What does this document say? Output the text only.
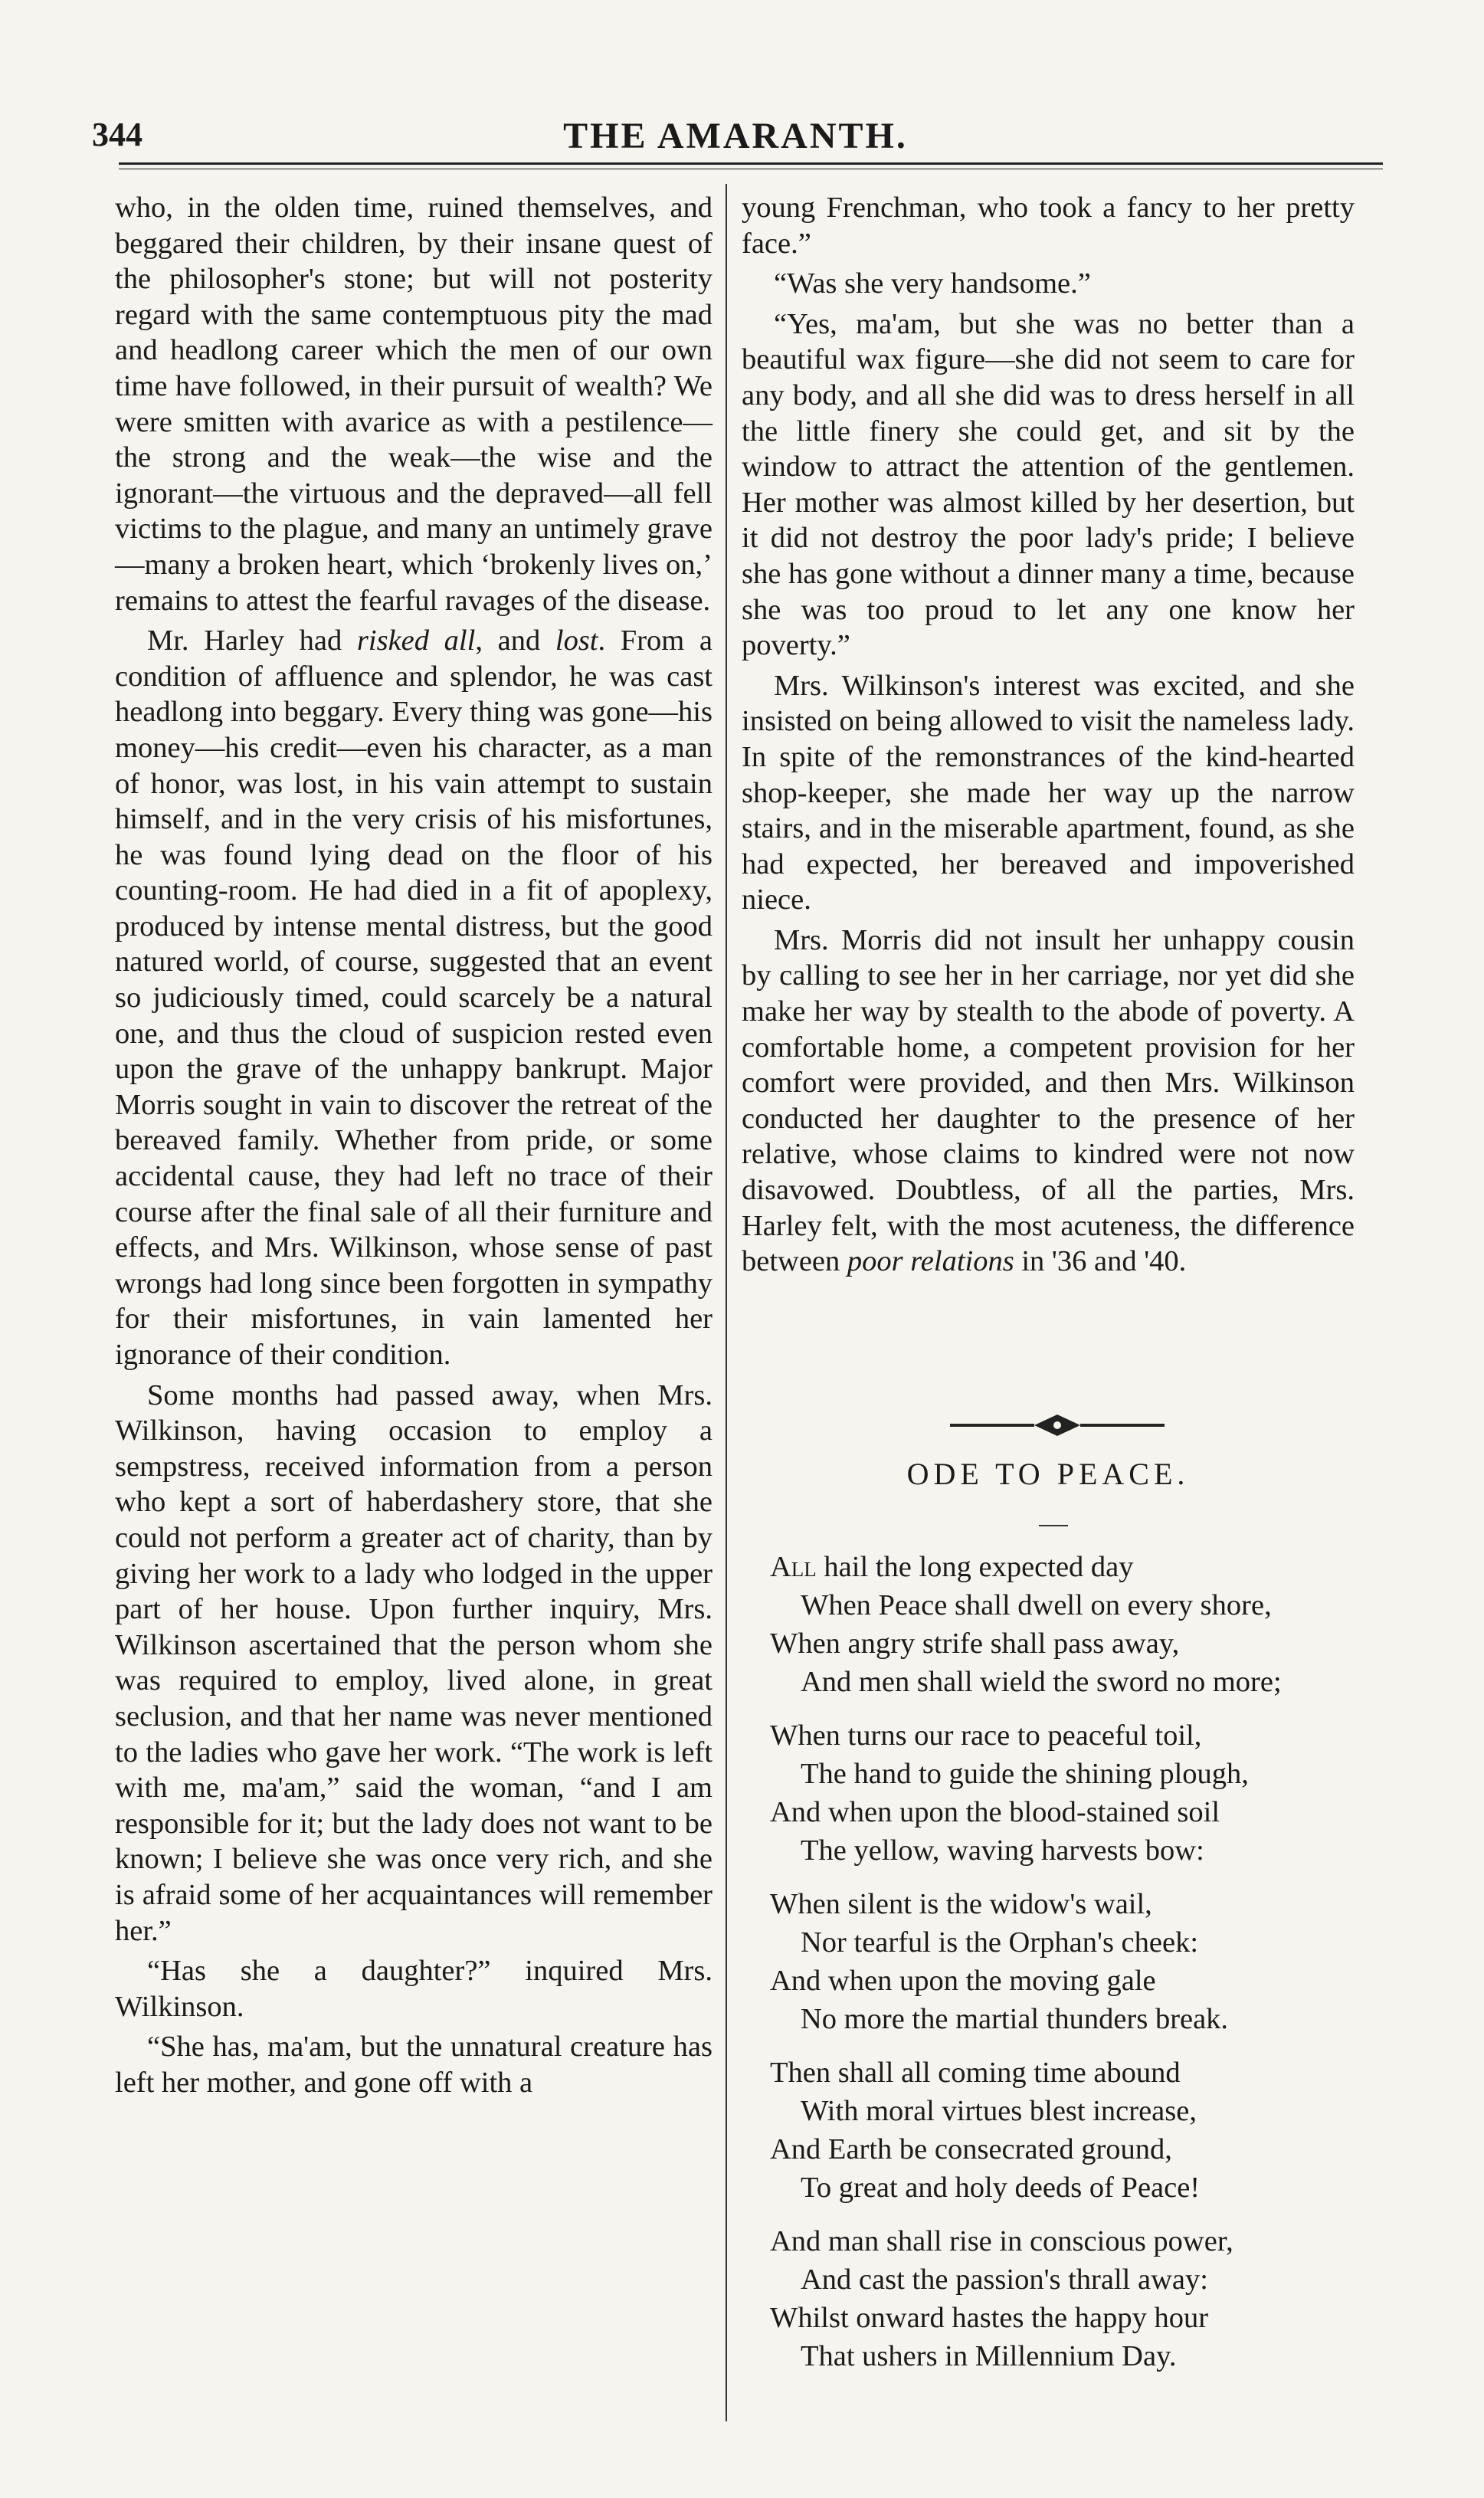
344	THE AMARANTH.

who, in the olden time, ruined themselves, and beggared their children, by their insane quest of the philosopher's stone; but will not posterity regard with the same contemptuous pity the mad and headlong career which the men of our own time have followed, in their pursuit of wealth? We were smitten with avarice as with a pestilence—the strong and the weak—the wise and the ignorant—the virtuous and the depraved—all fell victims to the plague, and many an untimely grave—many a broken heart, which ‘brokenly lives on,’ remains to attest the fearful ravages of the disease.

Mr. Harley had risked all, and lost. From a condition of affluence and splendor, he was cast headlong into beggary. Every thing was gone—his money—his credit—even his character, as a man of honor, was lost, in his vain attempt to sustain himself, and in the very crisis of his misfortunes, he was found lying dead on the floor of his counting-room. He had died in a fit of apoplexy, produced by intense mental distress, but the good natured world, of course, suggested that an event so judiciously timed, could scarcely be a natural one, and thus the cloud of suspicion rested even upon the grave of the unhappy bankrupt. Major Morris sought in vain to discover the retreat of the bereaved family. Whether from pride, or some accidental cause, they had left no trace of their course after the final sale of all their furniture and effects, and Mrs. Wilkinson, whose sense of past wrongs had long since been forgotten in sympathy for their misfortunes, in vain lamented her ignorance of their condition.

Some months had passed away, when Mrs. Wilkinson, having occasion to employ a sempstress, received information from a person who kept a sort of haberdashery store, that she could not perform a greater act of charity, than by giving her work to a lady who lodged in the upper part of her house. Upon further inquiry, Mrs. Wilkinson ascertained that the person whom she was required to employ, lived alone, in great seclusion, and that her name was never mentioned to the ladies who gave her work. “The work is left with me, ma'am,” said the woman, “and I am responsible for it; but the lady does not want to be known; I believe she was once very rich, and she is afraid some of her acquaintances will remember her.”

“Has she a daughter?” inquired Mrs. Wilkinson.

“She has, ma'am, but the unnatural creature has left her mother, and gone off with a

young Frenchman, who took a fancy to her pretty face.”

“Was she very handsome.”

“Yes, ma'am, but she was no better than a beautiful wax figure—she did not seem to care for any body, and all she did was to dress herself in all the little finery she could get, and sit by the window to attract the attention of the gentlemen. Her mother was almost killed by her desertion, but it did not destroy the poor lady's pride; I believe she has gone without a dinner many a time, because she was too proud to let any one know her poverty.”

Mrs. Wilkinson's interest was excited, and she insisted on being allowed to visit the nameless lady. In spite of the remonstrances of the kind-hearted shop-keeper, she made her way up the narrow stairs, and in the miserable apartment, found, as she had expected, her bereaved and impoverished niece.

Mrs. Morris did not insult her unhappy cousin by calling to see her in her carriage, nor yet did she make her way by stealth to the abode of poverty. A comfortable home, a competent provision for her comfort were provided, and then Mrs. Wilkinson conducted her daughter to the presence of her relative, whose claims to kindred were not now disavowed. Doubtless, of all the parties, Mrs. Harley felt, with the most acuteness, the difference between poor relations in '36 and '40.

ODE TO PEACE.
All hail the long expected day
When Peace shall dwell on every shore,
When angry strife shall pass away,
And men shall wield the sword no more;
When turns our race to peaceful toil,
The hand to guide the shining plough,
And when upon the blood-stained soil
The yellow, waving harvests bow:
When silent is the widow's wail,
Nor tearful is the Orphan's cheek:
And when upon the moving gale
No more the martial thunders break.
Then shall all coming time abound
With moral virtues blest increase,
And Earth be consecrated ground,
To great and holy deeds of Peace!
And man shall rise in conscious power,
And cast the passion's thrall away:
Whilst onward hastes the happy hour
That ushers in Millennium Day.
